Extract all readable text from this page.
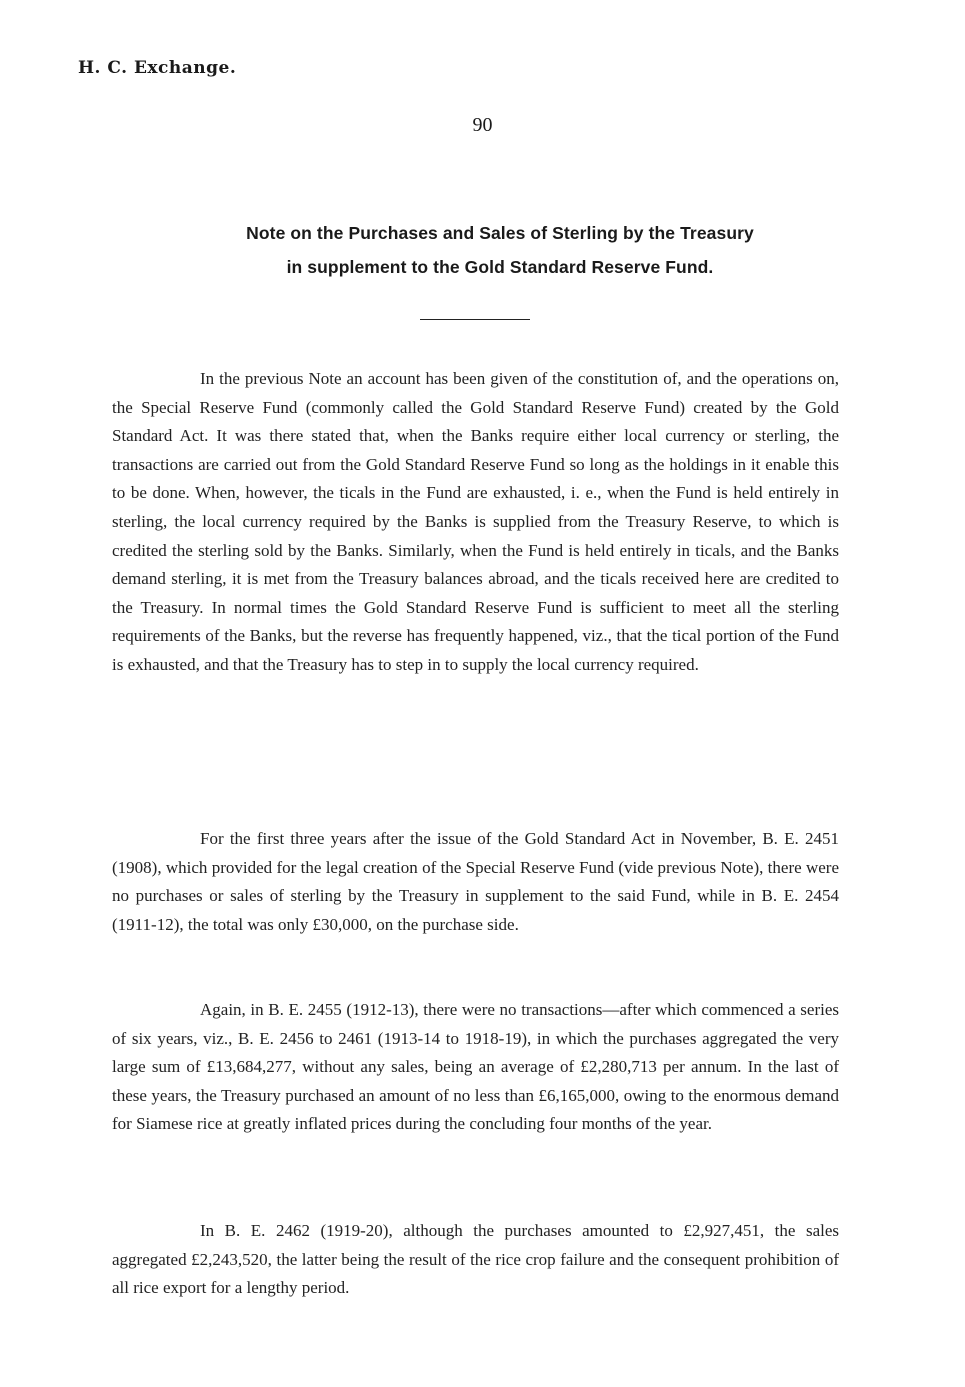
H. C. Exchange.
90
Note on the Purchases and Sales of Sterling by the Treasury
in supplement to the Gold Standard Reserve Fund.

In the previous Note an account has been given of the constitution of, and the operations on, the Special Reserve Fund (commonly called the Gold Standard Reserve Fund) created by the Gold Standard Act. It was there stated that, when the Banks require either local currency or sterling, the transactions are carried out from the Gold Standard Reserve Fund so long as the holdings in it enable this to be done. When, however, the ticals in the Fund are exhausted, i. e., when the Fund is held entirely in sterling, the local currency required by the Banks is supplied from the Treasury Reserve, to which is credited the sterling sold by the Banks. Similarly, when the Fund is held entirely in ticals, and the Banks demand sterling, it is met from the Treasury balances abroad, and the ticals received here are credited to the Treasury. In normal times the Gold Standard Reserve Fund is sufficient to meet all the sterling requirements of the Banks, but the reverse has frequently happened, viz., that the tical portion of the Fund is exhausted, and that the Treasury has to step in to supply the local currency required.

For the first three years after the issue of the Gold Standard Act in November, B. E. 2451 (1908), which provided for the legal creation of the Special Reserve Fund (vide previous Note), there were no purchases or sales of sterling by the Treasury in supplement to the said Fund, while in B. E. 2454 (1911-12), the total was only £30,000, on the purchase side.

Again, in B. E. 2455 (1912-13), there were no transactions—after which commenced a series of six years, viz., B. E. 2456 to 2461 (1913-14 to 1918-19), in which the purchases aggregated the very large sum of £13,684,277, without any sales, being an average of £2,280,713 per annum. In the last of these years, the Treasury purchased an amount of no less than £6,165,000, owing to the enormous demand for Siamese rice at greatly inflated prices during the concluding four months of the year.

In B. E. 2462 (1919-20), although the purchases amounted to £2,927,451, the sales aggregated £2,243,520, the latter being the result of the rice crop failure and the consequent prohibition of all rice export for a lengthy period.
